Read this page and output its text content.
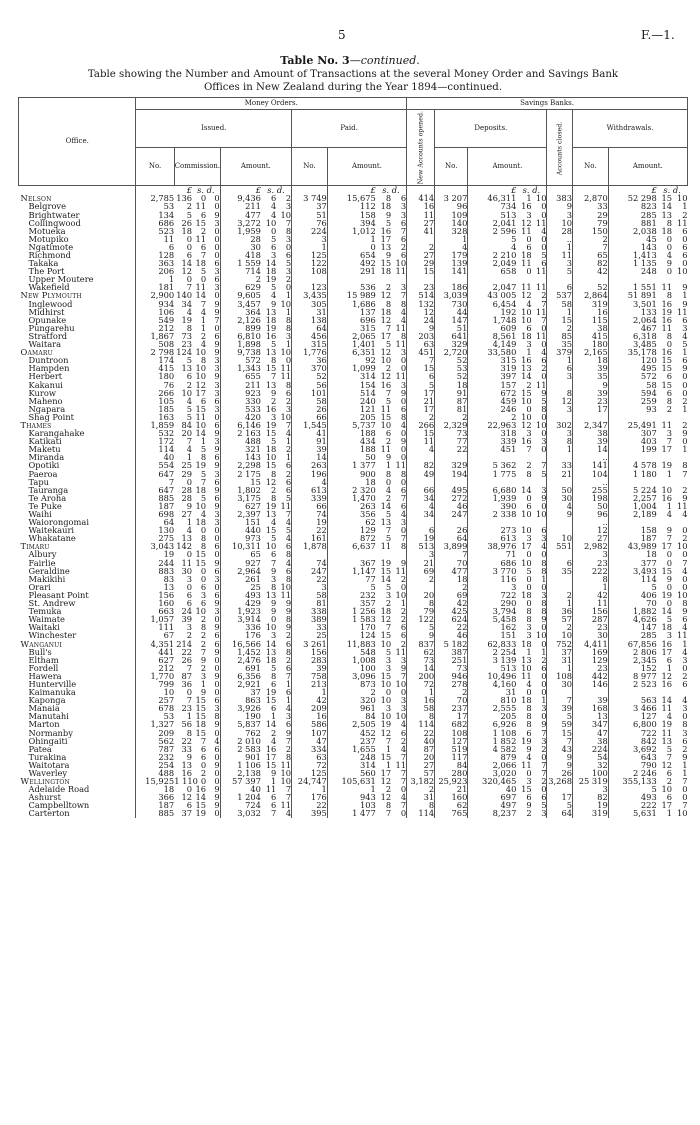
5	F.—1.
Table No. 3—continued.
Table showing the Number and Amount of Transactions at the several Money Order and Savings Bank
Offices in New Zealand during the Year 1894—continued.
Office.	Money Orders.											Savings Banks.									
	Issued.							Paid.				New Accounts opened.	Deposits.				Accounts closed.	Withdrawals.			
	No.	Commission.			Amount.			No.	Amount.				No.	Amount.				No.	Amount.		
		£	s. d.		£	s. d.			£	s. d.				£	s. d.				£	s. d.	
Nelson	2,785	136	0	0	9,436	6	2	3 749	15,675	8	6	414	3 207	46,311	1	10	383	2,870	52 298	15	10
Belgrove	53	2	11	0	211	4	3	37	112	18	3	16	96	734	16	0	9	33	823	14	1
Brightwater	134	5	6	9	477	4	10	51	158	9	3	11	109	513	3	0	3	29	285	13	2
Collingwood	686	26	15	3	3,272	10	7	76	394	5	6	27	140	2,041	12	11	10	79	881	8	11
Motueka	523	18	2	0	1,959	0	8	224	1,012	16	7	41	328	2 596	11	4	28	150	2,038	18	6
Motupiko	11	0	11	0	28	5	3	3	1	17	6		1	5	0	0	..	2	45	0	0
Ngatimote	6	0	6	0	30	6	0	1	0	13	2	2	4	4	6	0	1	7	143	0	6
Richmond	128	6	7	0	418	3	6	125	654	9	6	27	179	2 210	18	5	11	65	1,413	4	6
Takaka	363	14	18	6	1 559	14	5	122	492	15	10	29	139	2,049	11	6	3	82	1 135	9	0
The Port	206	12	5	3	714	18	3	108	291	18	11	15	141	658	0	11	5	42	248	0	10
Upper Moutere	1	0	0	6	2	19	2														
Wakefield	181	7	11	3	629	5	0	123	536	2	3	23	186	2,047	11	11	6	52	1 551	11	9
New Plymouth	2,900	140	14	0	9,605	4	1	3,435	15 989	12	7	514	3,039	43 005	12	2	537	2,864	51 891	8	1
Inglewood	934	34	7	9	3,457	9	10	305	1,686	8	8	132	730	6,454	4	7	58	319	3,501	16	9
Midhirst	106	4	4	9	364	13	1	31	137	18	4	12	44	192	10	11	1	16	133	19	11
Opunake	549	19	1	7	2,126	18	8	138	696	12	4	24	147	1,748	10	7	15	115	2,064	16	6
Pungarehu	212	8	1	0	899	19	8	64	315	7	11	9	51	609	6	0	2	38	467	11	3
Stratford	1,867	73	2	6	6,810	16	3	456	2,065	17	8	203	641	8,561	18	11	85	415	6,318	8	4
Waitara	508	23	4	9	1,898	5	1	315	1,401	5	11	63	329	4,149	3	0	35	180	3,485	0	5
Oamaru	2 798	124	10	9	9,738	13	10	1,776	6,351	12	3	451	2,720	33,580	1	4	379	2,165	35,178	16	1
Duntroon	174	5	8	3	572	8	0	36	92	10	0	7	52	315	16	6	1	18	120	15	6
Hampden	415	13	10	3	1,343	15	11	370	1,099	2	0	15	53	319	13	2	6	39	495	15	9
Herbert	180	6	10	9	655	7	11	52	314	12	11	6	52	397	14	0	3	35	572	6	0
Kakanui	76	2	12	3	211	13	8	56	154	16	3	5	18	157	2	11		9	58	15	0
Kurow	266	10	17	3	923	9	6	101	514	7	9	17	91	672	15	9	8	39	594	6	0
Maheno	105	4	6	6	330	2	2	58	240	5	0	21	87	459	10	5	12	23	259	8	2
Ngapara	185	5	15	3	533	16	3	26	121	11	6	17	81	246	0	8	3	17	93	2	1
Shag Point	163	5	11	0	420	3	10	66	205	15	8	2	2	2	10	0					
Thames	1,859	84	10	6	6,146	19	7	1,545	5,737	10	4	266	2,329	22,963	12	10	302	2,347	25,491	11	2
Karangahake	532	20	14	9	2 163	15	4	41	188	6	0	15	73	318	3	0	3	38	307	3	9
Katikati	172	7	1	3	488	5	1	91	434	2	9	11	77	339	16	3	8	39	403	7	0
Maketu	114	4	5	9	321	18	2	39	188	11	0	4	22	451	7	0	1	14	199	17	1
Miranda	40	1	8	6	143	10	1	14	50	9	0							..			
Opotiki	554	25	19	9	2,298	15	6	263	1 377	1	11	82	329	5 362	2	7	33	141	4 578	19	8
Paeroa	647	29	5	3	2 175	8	2	196	900	8	8	49	194	1 775	8	5	21	104	1 180	1	7
Tapu	7	0	7	6	15	12	6	4	18	0	0							..			
Tauranga	647	28	18	9	1,802	2	6	613	2 320	4	6	66	495	6,680	14	3	50	255	5 224	10	2
Te Aroha	885	28	5	6	3,175	8	5	339	1,470	2	7	34	272	1,939	0	9	30	198	2,257	16	9
Te Puke	187	9	10	9	627	19	11	66	263	14	6	4	46	390	6	0	4	50	1,004	1	11
Waihi	698	27	4	3	2,397	13	7	74	356	5	4	34	247	2 338	10	10	9	96	2,189	4	4
Waiorongomai	64	1	18	3	151	4	4	19	62	13	3							..			
Waitekauri	130	4	0	0	440	15	5	22	129	7	0	6	26	273	10	6		12	158	9	0
Whakatane	275	13	8	0	973	5	4	161	872	5	7	19	64	613	3	3	10	27	187	7	2
Timaru	3,043	142	8	6	10,311	10	6	1,878	6,637	11	8	513	3,899	38,976	17	4	551	2,982	43,989	17	10
Albury	19	0	15	0	65	6	8					3	7	71	0	0		3	18	0	0
Fairlie	244	11	15	9	927	7	4	74	367	19	9	21	70	686	10	8	6	23	377	0	7
Geraldine	883	30	0	6	2,964	9	6	247	1,147	15	11	69	477	3 770	5	8	35	222	3,493	15	4
Makikihi	83	3	0	3	261	3	8	22	77	14	2	2	18	116	0	1		8	114	9	0
Orari	13	0	6	0	25	8	10	3	5	5	0		2	3	0	0		1	5	0	0
Pleasant Point	156	6	3	6	493	13	11	58	232	3	10	20	69	722	18	3	2	42	406	19	10
St. Andrew	160	6	6	9	429	9	9	81	357	2	1	8	42	290	0	8	1	11	70	0	8
Temuka	663	24	10	3	1,923	9	9	338	1 256	18	2	79	425	3,794	8	8	36	156	1,882	14	9
Waimate	1,057	39	2	0	3,914	0	8	389	1 583	12	2	122	624	5,458	8	9	57	287	4,626	5	6
Waitaki	111	3	8	9	336	10	9	33	170	7	6	5	22	162	3	0	2	23	147	18	4
Winchester	67	2	2	6	176	3	2	25	124	15	6	9	46	151	3	10	10	30	285	3	11
Wanganui	4,351	214	2	6	16,566	14	6	3 261	11,883	10	2	837	5 182	62,833	18	0	752	4,411	67,856	16	1
Bull's	441	22	7	9	1,452	13	8	156	548	5	11	62	387	2 254	1	1	37	169	2 806	17	4
Eltham	627	26	9	0	2,476	18	2	283	1,008	3	3	73	251	3 139	13	2	31	129	2,345	6	3
Fordell	212	7	2	0	691	5	6	39	100	3	9	14	73	513	10	6	1	23	152	1	0
Hawera	1,770	87	3	9	6,356	8	7	758	3,096	15	7	200	946	10,496	11	0	108	442	8 977	12	2
Hunterville	799	36	1	0	2,921	6	1	213	873	10	10	72	278	4,160	4	0	30	146	2 523	16	6
Kaimanuka	10	0	9	0	37	19	6	1	2	0	0	1	2	31	0	0					
Kaponga	257	7	15	6	863	15	1	42	320	10	3	16	70	810	18	1	7	39	563	14	4
Manaia	678	23	15	3	3,926	6	4	209	961	3	3	58	237	2,555	8	3	39	168	3 466	11	3
Manutahi	53	1	15	8	190	1	3	16	84	10	10	8	17	205	8	0	5	13	127	4	0
Marton	1,327	56	18	9	5,837	14	6	586	2,505	19	4	114	682	6,926	8	9	59	347	6,800	19	8
Normanby	209	8	15	0	762	2	9	107	452	12	6	22	108	1 108	6	7	15	47	722	11	3
Ohingaiti	562	22	7	4	2 010	4	7	47	237	7	2	40	127	1 852	19	3	7	38	842	13	6
Patea	787	33	6	6	2 583	16	2	334	1,655	1	4	87	519	4 582	9	2	43	224	3,692	5	2
Turakina	232	9	6	0	901	17	8	63	248	15	7	20	117	879	4	0	9	54	643	7	9
Waitotara	254	13	0	9	1 106	15	11	72	314	1	11	27	84	2,066	11	7	9	32	790	12	1
Waverley	488	16	2	0	2,138	9	10	125	560	17	7	57	280	3,020	0	7	26	100	2 246	6	1
Wellington	15,925	1 110	0	0	57 397	1	10	24,747	105,631	12	7	3,182	25,923	320,465	3	2	3,268	25 319	355,133	2	7
Adelaide Road	18	0	16	9	40	11	7	1	1	2	0	2	21	40	15	0		3	5	10	0
Ashurst	366	12	14	9	1 204	6	7	176	943	12	4	31	160	697	6	6	17	82	493	6	0
Campbelltown	187	6	15	9	724	6	11	22	103	8	7	8	62	497	9	5	5	19	222	17	7
Carterton	885	37	19	0	3,032	7	4	395	1 477	7	0	114	765	8,237	2	3	64	319	5,631	1	10
